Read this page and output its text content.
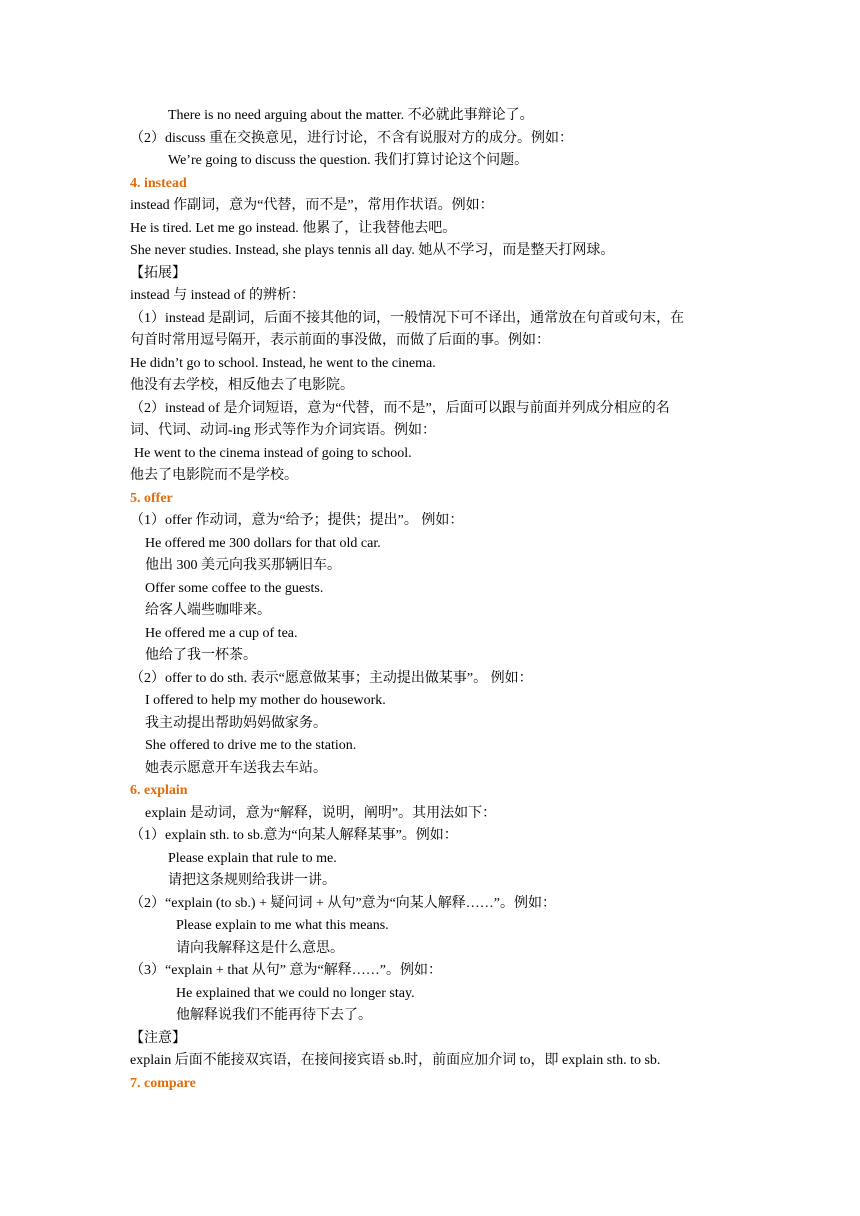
There is no need arguing about the matter. 不必就此事辩论了。
（2）discuss 重在交换意见，进行讨论，不含有说服对方的成分。例如：
We’re going to discuss the question. 我们打算讨论这个问题。
4. instead
instead 作副词，意为“代替，而不是”，常用作状语。例如：
He is tired. Let me go instead. 他累了，让我替他去吧。
She never studies. Instead, she plays tennis all day. 她从不学习，而是整天打网球。
【拓展】
instead 与 instead of 的辨析：
（1）instead 是副词，后面不接其他的词，一般情况下可不译出，通常放在句首或句末，在
句首时常用逗号隔开，表示前面的事没做，而做了后面的事。例如：
He didn’t go to school. Instead, he went to the cinema.
他没有去学校，相反他去了电影院。
（2）instead of 是介词短语，意为“代替，而不是”，后面可以跟与前面并列成分相应的名
词、代词、动词-ing 形式等作为介词宾语。例如：
He went to the cinema instead of going to school.
他去了电影院而不是学校。
5. offer
（1）offer 作动词，意为“给予；提供；提出”。 例如：
He offered me 300 dollars for that old car.
他出 300 美元向我买那辆旧车。
Offer some coffee to the guests.
给客人端些咖啡来。
He offered me a cup of tea.
他给了我一杯茶。
（2）offer to do sth. 表示“愿意做某事；主动提出做某事”。 例如：
I offered to help my mother do housework.
我主动提出帮助妈妈做家务。
She offered to drive me to the station.
她表示愿意开车送我去车站。
6. explain
explain 是动词，意为“解释，说明，阐明”。其用法如下：
（1）explain sth. to sb.意为“向某人解释某事”。例如：
Please explain that rule to me.
请把这条规则给我讲一讲。
（2）“explain (to sb.) + 疑问词 + 从句”意为“向某人解释……”。例如：
Please explain to me what this means.
请向我解释这是什么意思。
（3）“explain + that 从句” 意为“解释……”。例如：
He explained that we could no longer stay.
他解释说我们不能再待下去了。
【注意】
explain 后面不能接双宾语，在接间接宾语 sb.时，前面应加介词 to，即 explain sth. to sb.
7. compare
